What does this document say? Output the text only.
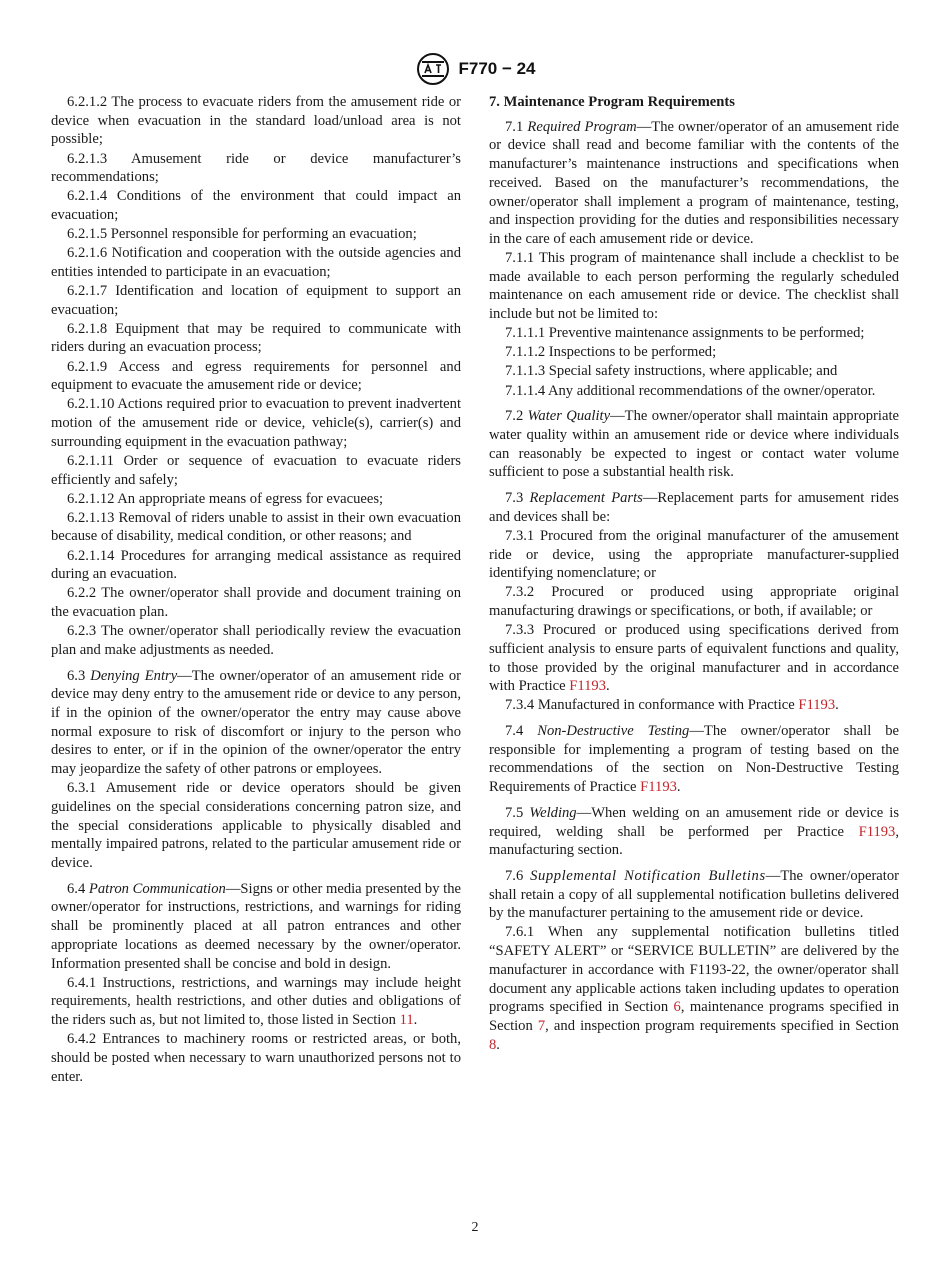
F770 − 24

6.2.1.2 The process to evacuate riders from the amusement ride or device when evacuation in the standard load/unload area is not possible;

6.2.1.3 Amusement ride or device manufacturer’s recommendations;

6.2.1.4 Conditions of the environment that could impact an evacuation;

6.2.1.5 Personnel responsible for performing an evacuation;

6.2.1.6 Notification and cooperation with the outside agencies and entities intended to participate in an evacuation;

6.2.1.7 Identification and location of equipment to support an evacuation;

6.2.1.8 Equipment that may be required to communicate with riders during an evacuation process;

6.2.1.9 Access and egress requirements for personnel and equipment to evacuate the amusement ride or device;

6.2.1.10 Actions required prior to evacuation to prevent inadvertent motion of the amusement ride or device, vehicle(s), carrier(s) and surrounding equipment in the evacuation pathway;

6.2.1.11 Order or sequence of evacuation to evacuate riders efficiently and safely;

6.2.1.12 An appropriate means of egress for evacuees;

6.2.1.13 Removal of riders unable to assist in their own evacuation because of disability, medical condition, or other reasons; and

6.2.1.14 Procedures for arranging medical assistance as required during an evacuation.

6.2.2 The owner/operator shall provide and document training on the evacuation plan.

6.2.3 The owner/operator shall periodically review the evacuation plan and make adjustments as needed.

6.3 Denying Entry—The owner/operator of an amusement ride or device may deny entry to the amusement ride or device to any person, if in the opinion of the owner/operator the entry may cause above normal exposure to risk of discomfort or injury to the person who desires to enter, or if in the opinion of the owner/operator the entry may jeopardize the safety of other patrons or employees.

6.3.1 Amusement ride or device operators should be given guidelines on the special considerations concerning patron size, and the special considerations applicable to physically disabled and mentally impaired patrons, related to the particular amusement ride or device.

6.4 Patron Communication—Signs or other media presented by the owner/operator for instructions, restrictions, and warnings for riding shall be prominently placed at all patron entrances and other appropriate locations as deemed necessary by the owner/operator. Information presented shall be concise and bold in design.

6.4.1 Instructions, restrictions, and warnings may include height requirements, health restrictions, and other duties and obligations of the riders such as, but not limited to, those listed in Section 11.

6.4.2 Entrances to machinery rooms or restricted areas, or both, should be posted when necessary to warn unauthorized persons not to enter.

7. Maintenance Program Requirements

7.1 Required Program—The owner/operator of an amusement ride or device shall read and become familiar with the contents of the manufacturer’s maintenance instructions and specifications when received. Based on the manufacturer’s recommendations, the owner/operator shall implement a program of maintenance, testing, and inspection providing for the duties and responsibilities necessary in the care of each amusement ride or device.

7.1.1 This program of maintenance shall include a checklist to be made available to each person performing the regularly scheduled maintenance on each amusement ride or device. The checklist shall include but not be limited to:

7.1.1.1 Preventive maintenance assignments to be performed;

7.1.1.2 Inspections to be performed;

7.1.1.3 Special safety instructions, where applicable; and

7.1.1.4 Any additional recommendations of the owner/operator.

7.2 Water Quality—The owner/operator shall maintain appropriate water quality within an amusement ride or device where individuals can reasonably be expected to ingest or contact water volume sufficient to pose a substantial health risk.

7.3 Replacement Parts—Replacement parts for amusement rides and devices shall be:

7.3.1 Procured from the original manufacturer of the amusement ride or device, using the appropriate manufacturer-supplied identifying nomenclature; or

7.3.2 Procured or produced using appropriate original manufacturing drawings or specifications, or both, if available; or

7.3.3 Procured or produced using specifications derived from sufficient analysis to ensure parts of equivalent functions and quality, to those provided by the original manufacturer and in accordance with Practice F1193.

7.3.4 Manufactured in conformance with Practice F1193.

7.4 Non-Destructive Testing—The owner/operator shall be responsible for implementing a program of testing based on the recommendations of the section on Non-Destructive Testing Requirements of Practice F1193.

7.5 Welding—When welding on an amusement ride or device is required, welding shall be performed per Practice F1193, manufacturing section.

7.6 Supplemental Notification Bulletins—The owner/operator shall retain a copy of all supplemental notification bulletins delivered by the manufacturer pertaining to the amusement ride or device.

7.6.1 When any supplemental notification bulletins titled “SAFETY ALERT” or “SERVICE BULLETIN” are delivered by the manufacturer in accordance with F1193-22, the owner/operator shall document any applicable actions taken including updates to operation programs specified in Section 6, maintenance programs specified in Section 7, and inspection program requirements specified in Section 8.

2
